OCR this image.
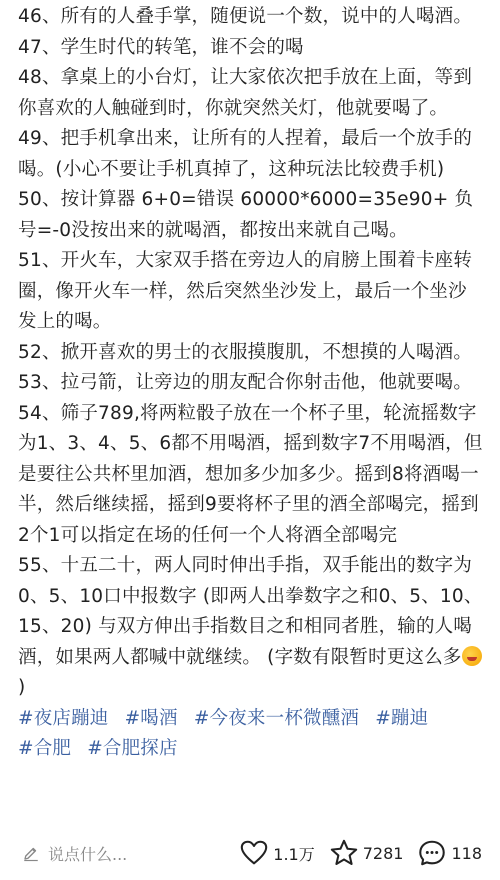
46、所有的人叠手掌，随便说一个数，说中的人喝酒。

47、学生时代的转笔，谁不会的喝

48、拿桌上的小台灯，让大家依次把手放在上面，等到你喜欢的人触碰到时，你就突然关灯，他就要喝了。

49、把手机拿出来，让所有的人捏着，最后一个放手的喝。(小心不要让手机真掉了，这种玩法比较费手机)

50、按计算器 6+0=错误 60000*6000=35e90+ 负号=-0没按出来的就喝酒，都按出来就自己喝。

51、开火车，大家双手搭在旁边人的肩膀上围着卡座转圈，像开火车一样，然后突然坐沙发上，最后一个坐沙发上的喝。

52、掀开喜欢的男士的衣服摸腹肌，不想摸的人喝酒。

53、拉弓箭，让旁边的朋友配合你射击他，他就要喝。

54、筛子789,将两粒骰子放在一个杯子里，轮流摇数字为1、3、4、5、6都不用喝酒，摇到数字7不用喝酒，但是要往公共杯里加酒，想加多少加多少。摇到8将酒喝一半，然后继续摇，摇到9要将杯子里的酒全部喝完，摇到2个1可以指定在场的任何一个人将酒全部喝完

55、十五二十，两人同时伸出手指，双手能出的数字为0、5、10口中报数字 (即两人出拳数字之和0、5、10、15、20) 与双方伸出手指数目之和相同者胜，输的人喝酒，如果两人都喊中就继续。 (字数有限暂时更这么多)

#夜店蹦迪 #喝酒 #今夜来一杯微醺酒 #蹦迪 #合肥 #合肥探店

说点什么...	1.1万	7281	118
